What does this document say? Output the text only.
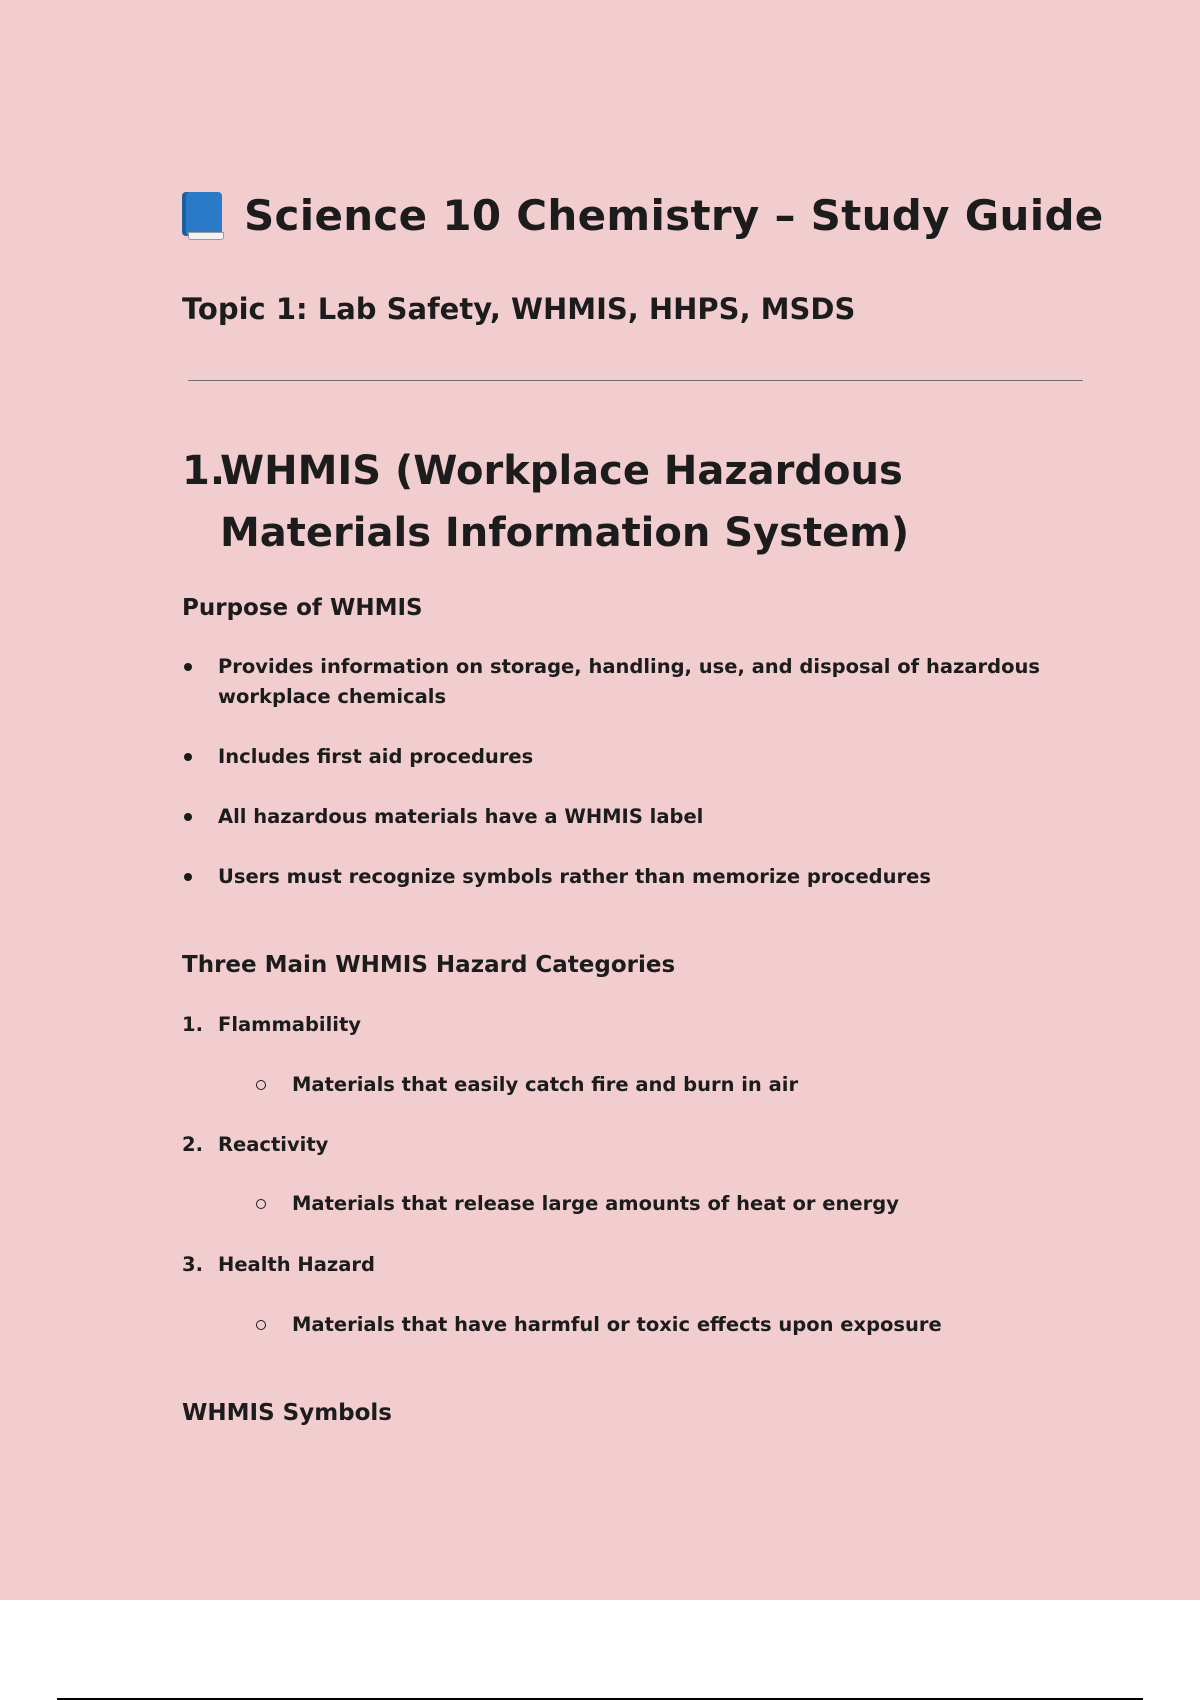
Science 10 Chemistry – Study Guide
Topic 1: Lab Safety, WHMIS, HHPS, MSDS
1.
WHMIS (Workplace Hazardous Materials Information System)
Purpose of WHMIS
Provides information on storage, handling, use, and disposal of hazardous workplace chemicals
Includes first aid procedures
All hazardous materials have a WHMIS label
Users must recognize symbols rather than memorize procedures
Three Main WHMIS Hazard Categories
1. Flammability
Materials that easily catch fire and burn in air
2. Reactivity
Materials that release large amounts of heat or energy
3. Health Hazard
Materials that have harmful or toxic effects upon exposure
WHMIS Symbols
